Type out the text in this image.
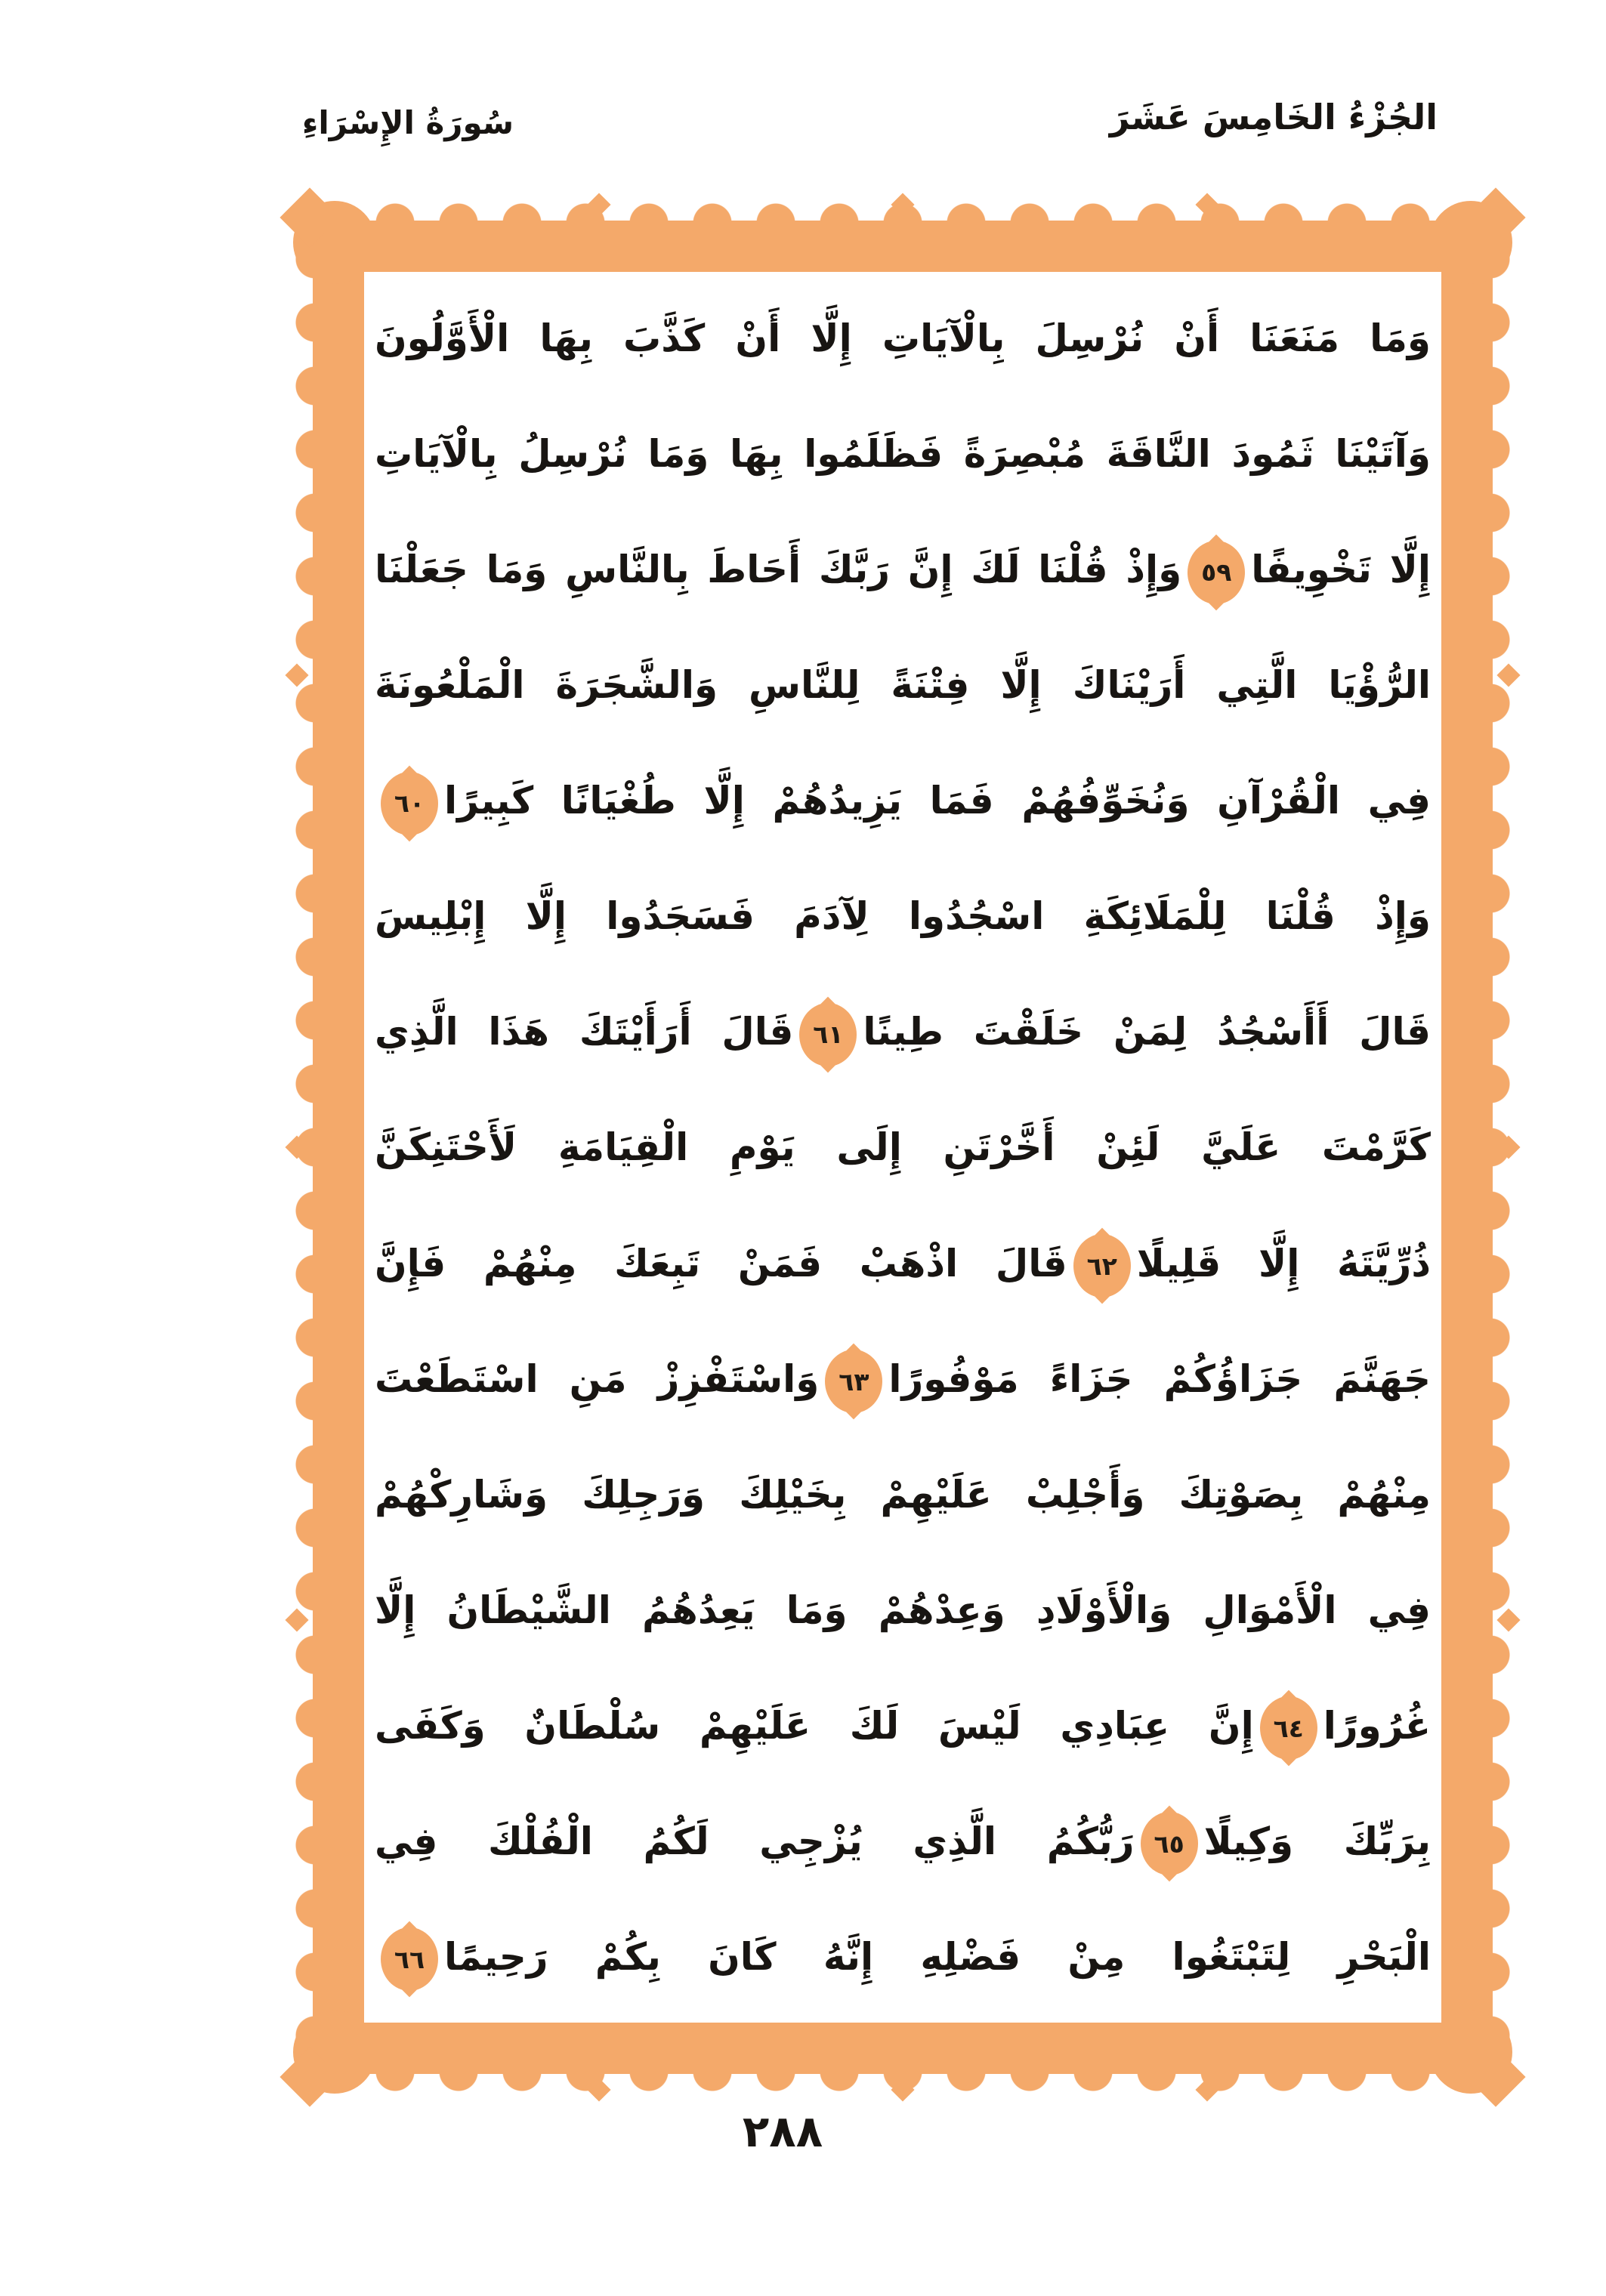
الجُزْءُ الخَامِسَ عَشَرَ
سُورَةُ الإِسْرَاءِ
وَمَا مَنَعَنَا أَنْ نُرْسِلَ بِالْآيَاتِ إِلَّا أَنْ كَذَّبَ بِهَا الْأَوَّلُونَ
وَآتَيْنَا ثَمُودَ النَّاقَةَ مُبْصِرَةً فَظَلَمُوا بِهَا وَمَا نُرْسِلُ بِالْآيَاتِ
إِلَّا تَخْوِيفًا٥٩وَإِذْ قُلْنَا لَكَ إِنَّ رَبَّكَ أَحَاطَ بِالنَّاسِ وَمَا جَعَلْنَا
الرُّؤْيَا الَّتِي أَرَيْنَاكَ إِلَّا فِتْنَةً لِلنَّاسِ وَالشَّجَرَةَ الْمَلْعُونَةَ
فِي الْقُرْآنِ وَنُخَوِّفُهُمْ فَمَا يَزِيدُهُمْ إِلَّا طُغْيَانًا كَبِيرًا٦٠
وَإِذْ قُلْنَا لِلْمَلَائِكَةِ اسْجُدُوا لِآدَمَ فَسَجَدُوا إِلَّا إِبْلِيسَ
قَالَ أَأَسْجُدُ لِمَنْ خَلَقْتَ طِينًا٦١قَالَ أَرَأَيْتَكَ هَذَا الَّذِي
كَرَّمْتَ عَلَيَّ لَئِنْ أَخَّرْتَنِ إِلَى يَوْمِ الْقِيَامَةِ لَأَحْتَنِكَنَّ
ذُرِّيَّتَهُ إِلَّا قَلِيلًا٦٢قَالَ اذْهَبْ فَمَنْ تَبِعَكَ مِنْهُمْ فَإِنَّ
جَهَنَّمَ جَزَاؤُكُمْ جَزَاءً مَوْفُورًا٦٣وَاسْتَفْزِزْ مَنِ اسْتَطَعْتَ
مِنْهُمْ بِصَوْتِكَ وَأَجْلِبْ عَلَيْهِمْ بِخَيْلِكَ وَرَجِلِكَ وَشَارِكْهُمْ
فِي الْأَمْوَالِ وَالْأَوْلَادِ وَعِدْهُمْ وَمَا يَعِدُهُمُ الشَّيْطَانُ إِلَّا
غُرُورًا٦٤إِنَّ عِبَادِي لَيْسَ لَكَ عَلَيْهِمْ سُلْطَانٌ وَكَفَى
بِرَبِّكَ وَكِيلًا٦٥رَبُّكُمُ الَّذِي يُزْجِي لَكُمُ الْفُلْكَ فِي
الْبَحْرِ لِتَبْتَغُوا مِنْ فَضْلِهِ إِنَّهُ كَانَ بِكُمْ رَحِيمًا٦٦
٢٨٨
